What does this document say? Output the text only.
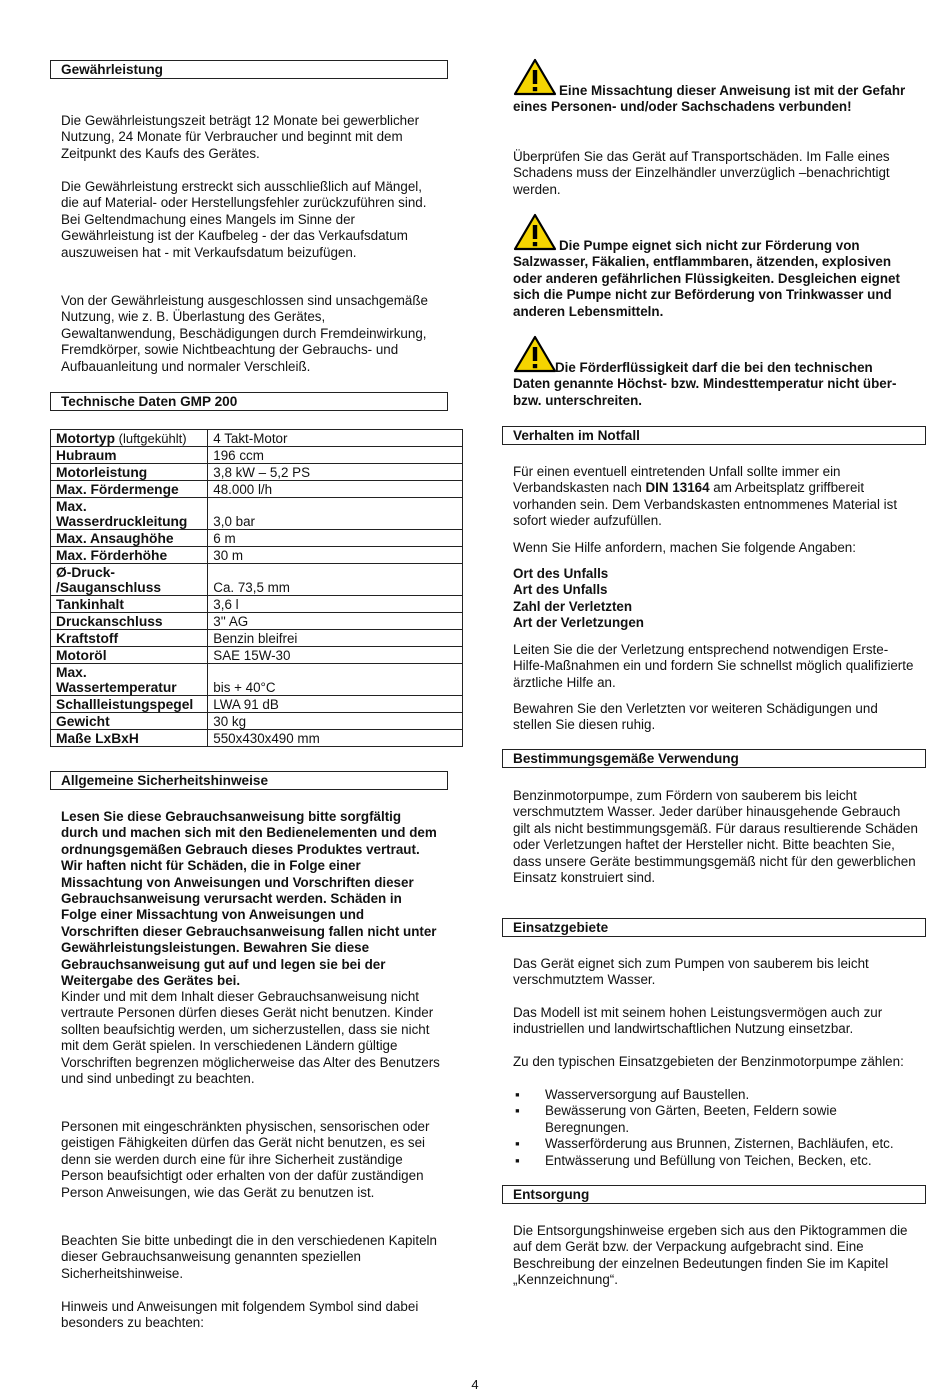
Gewährleistung

Die Gewährleistungszeit beträgt 12 Monate bei gewerblicher Nutzung, 24 Monate für Verbraucher und beginnt mit dem Zeitpunkt des Kaufs des Gerätes.

Die Gewährleistung erstreckt sich ausschließlich auf Mängel, die auf Material- oder Herstellungsfehler zurückzuführen sind. Bei Geltendmachung eines Mangels im Sinne der Gewährleistung ist der Kaufbeleg - der das Verkaufsdatum auszuweisen hat - mit Verkaufsdatum beizufügen.

Von der Gewährleistung ausgeschlossen sind unsachgemäße Nutzung, wie z. B. Überlastung des Gerätes, Gewaltanwendung, Beschädigungen durch Fremdeinwirkung, Fremdkörper, sowie Nichtbeachtung der Gebrauchs- und Aufbauanleitung und normaler Verschleiß.

Technische Daten GMP 200
Motortyp (luftgekühlt)	4 Takt-Motor
Hubraum	196 ccm
Motorleistung	3,8 kW – 5,2 PS
Max. Fördermenge	48.000 l/h
Max. Wasserdruckleitung	3,0 bar
Max. Ansaughöhe	6 m
Max. Förderhöhe	30 m
Ø-Druck- /Sauganschluss	Ca. 73,5 mm
Tankinhalt	3,6 l
Druckanschluss	3'' AG
Kraftstoff	Benzin bleifrei
Motoröl	SAE 15W-30
Max. Wassertemperatur	bis + 40°C
Schallleistungspegel	LWA 91 dB
Gewicht	30 kg
Maße LxBxH	550x430x490 mm
Allgemeine Sicherheitshinweise

Lesen Sie diese Gebrauchsanweisung bitte sorgfältig durch und machen sich mit den Bedienelementen und dem ordnungsgemäßen Gebrauch dieses Produktes vertraut. Wir haften nicht für Schäden, die in Folge einer Missachtung von Anweisungen und Vorschriften dieser Gebrauchsanweisung verursacht werden. Schäden in Folge einer Missachtung von Anweisungen und Vorschriften dieser Gebrauchsanweisung fallen nicht unter Gewährleistungsleistungen. Bewahren Sie diese Gebrauchsanweisung gut auf und legen sie bei der Weitergabe des Gerätes bei.

Kinder und mit dem Inhalt dieser Gebrauchsanweisung nicht vertraute Personen dürfen dieses Gerät nicht benutzen. Kinder sollten beaufsichtig werden, um sicherzustellen, dass sie nicht mit dem Gerät spielen. In verschiedenen Ländern gültige Vorschriften begrenzen möglicherweise das Alter des Benutzers und sind unbedingt zu beachten.

Personen mit eingeschränkten physischen, sensorischen oder geistigen Fähigkeiten dürfen das Gerät nicht benutzen, es sei denn sie werden durch eine für ihre Sicherheit zuständige Person beaufsichtigt oder erhalten von der dafür zuständigen Person Anweisungen, wie das Gerät zu benutzen ist.

Beachten Sie bitte unbedingt die in den verschiedenen Kapiteln dieser Gebrauchsanweisung genannten speziellen Sicherheitshinweise.

Hinweis und Anweisungen mit folgendem Symbol sind dabei besonders zu beachten:

Eine Missachtung dieser Anweisung ist mit der Gefahr eines Personen- und/oder Sachschadens verbunden!

Überprüfen Sie das Gerät auf Transportschäden. Im Falle eines Schadens muss der Einzelhändler unverzüglich –benachrichtigt werden.

Die Pumpe eignet sich nicht zur Förderung von Salzwasser, Fäkalien, entflammbaren, ätzenden, explosiven oder anderen gefährlichen Flüssigkeiten. Desgleichen eignet sich die Pumpe nicht zur Beförderung von Trinkwasser und anderen Lebensmitteln.

Die Förderflüssigkeit darf die bei den technischen Daten genannte Höchst- bzw. Mindesttemperatur nicht über- bzw. unterschreiten.

Verhalten im Notfall

Für einen eventuell eintretenden Unfall sollte immer ein Verbandskasten nach DIN 13164 am Arbeitsplatz griffbereit vorhanden sein. Dem Verbandskasten entnommenes Material ist sofort wieder aufzufüllen.

Wenn Sie Hilfe anfordern, machen Sie folgende Angaben:

Ort des Unfalls
Art des Unfalls
Zahl der Verletzten
Art der Verletzungen

Leiten Sie die der Verletzung entsprechend notwendigen Erste-Hilfe-Maßnahmen ein und fordern Sie schnellst möglich qualifizierte ärztliche Hilfe an.

Bewahren Sie den Verletzten vor weiteren Schädigungen und stellen Sie diesen ruhig.

Bestimmungsgemäße Verwendung

Benzinmotorpumpe, zum Fördern von sauberem bis leicht verschmutztem Wasser. Jeder darüber hinausgehende Gebrauch gilt als nicht bestimmungsgemäß. Für daraus resultierende Schäden oder Verletzungen haftet der Hersteller nicht. Bitte beachten Sie, dass unsere Geräte bestimmungsgemäß nicht für den gewerblichen Einsatz konstruiert sind.

Einsatzgebiete

Das Gerät eignet sich zum Pumpen von sauberem bis leicht verschmutztem Wasser.

Das Modell ist mit seinem hohen Leistungsvermögen auch zur industriellen und landwirtschaftlichen Nutzung einsetzbar.

Zu den typischen Einsatzgebieten der Benzinmotorpumpe zählen:

▪ Wasserversorgung auf Baustellen.
▪ Bewässerung von Gärten, Beeten, Feldern sowie Beregnungen.
▪ Wasserförderung aus Brunnen, Zisternen, Bachläufen, etc.
▪ Entwässerung und Befüllung von Teichen, Becken, etc.
Entsorgung

Die Entsorgungshinweise ergeben sich aus den Piktogrammen die auf dem Gerät bzw. der Verpackung aufgebracht sind. Eine Beschreibung der einzelnen Bedeutungen finden Sie im Kapitel „Kennzeichnung“.

4
